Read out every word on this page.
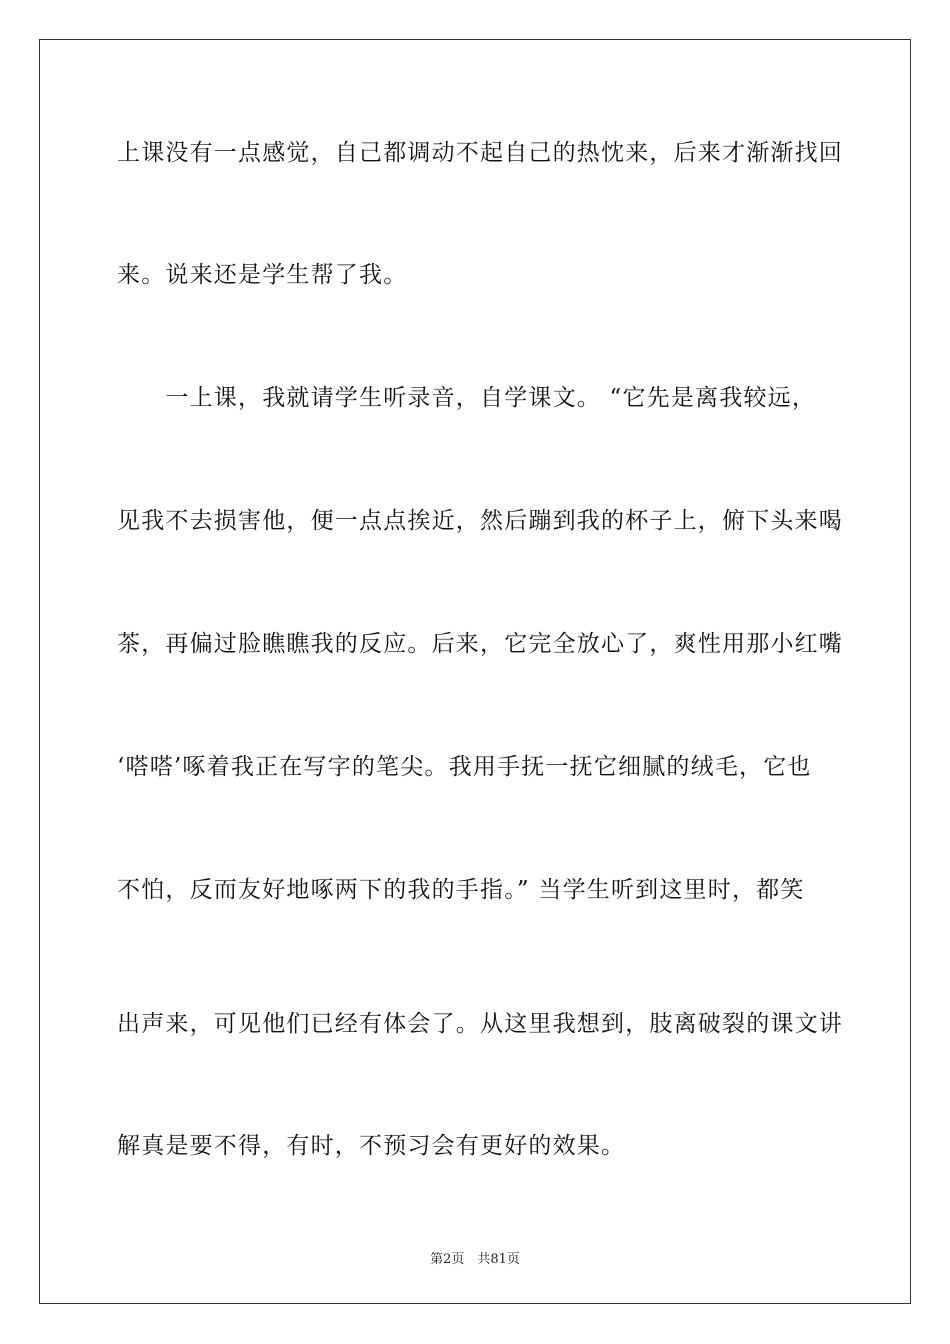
上课没有一点感觉，自己都调动不起自己的热忱来，后来才渐渐找回
来。说来还是学生帮了我。
　　一上课，我就请学生听录音，自学课文。 “它先是离我较远，
见我不去损害他，便一点点挨近，然后蹦到我的杯子上，俯下头来喝
茶，再偏过脸瞧瞧我的反应。后来，它完全放心了，爽性用那小红嘴
‘嗒嗒’啄着我正在写字的笔尖。我用手抚一抚它细腻的绒毛，它也
不怕，反而友好地啄两下的我的手指。” 当学生听到这里时，都笑
出声来，可见他们已经有体会了。从这里我想到，肢离破裂的课文讲
解真是要不得，有时，不预习会有更好的效果。
第2页　共81页
